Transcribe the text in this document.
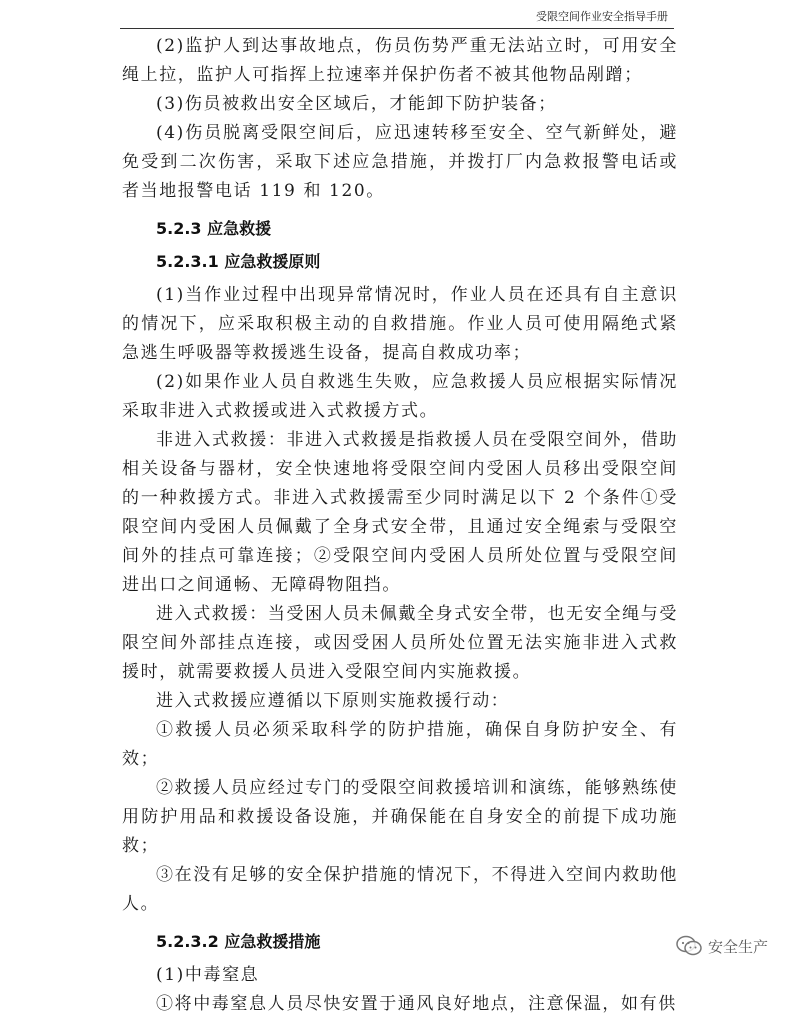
受限空间作业安全指导手册

(2)监护人到达事故地点，伤员伤势严重无法站立时，可用安全绳上拉，监护人可指挥上拉速率并保护伤者不被其他物品剐蹭；

(3)伤员被救出安全区域后，才能卸下防护装备；

(4)伤员脱离受限空间后，应迅速转移至安全、空气新鲜处，避免受到二次伤害，采取下述应急措施，并拨打厂内急救报警电话或者当地报警电话 119 和 120。

5.2.3 应急救援
5.2.3.1 应急救援原则

(1)当作业过程中出现异常情况时，作业人员在还具有自主意识的情况下，应采取积极主动的自救措施。作业人员可使用隔绝式紧急逃生呼吸器等救援逃生设备，提高自救成功率；

(2)如果作业人员自救逃生失败，应急救援人员应根据实际情况采取非进入式救援或进入式救援方式。

非进入式救援：非进入式救援是指救援人员在受限空间外，借助相关设备与器材，安全快速地将受限空间内受困人员移出受限空间的一种救援方式。非进入式救援需至少同时满足以下 2 个条件①受限空间内受困人员佩戴了全身式安全带，且通过安全绳索与受限空间外的挂点可靠连接；②受限空间内受困人员所处位置与受限空间进出口之间通畅、无障碍物阻挡。

进入式救援：当受困人员未佩戴全身式安全带，也无安全绳与受限空间外部挂点连接，或因受困人员所处位置无法实施非进入式救援时，就需要救援人员进入受限空间内实施救援。

进入式救援应遵循以下原则实施救援行动：

①救援人员必须采取科学的防护措施，确保自身防护安全、有效；

②救援人员应经过专门的受限空间救援培训和演练，能够熟练使用防护用品和救援设备设施，并确保能在自身安全的前提下成功施救；

③在没有足够的安全保护措施的情况下，不得进入空间内救助他人。

5.2.3.2 应急救援措施

(1)中毒窒息

①将中毒窒息人员尽快安置于通风良好地点，注意保温，如有供

安全生产
